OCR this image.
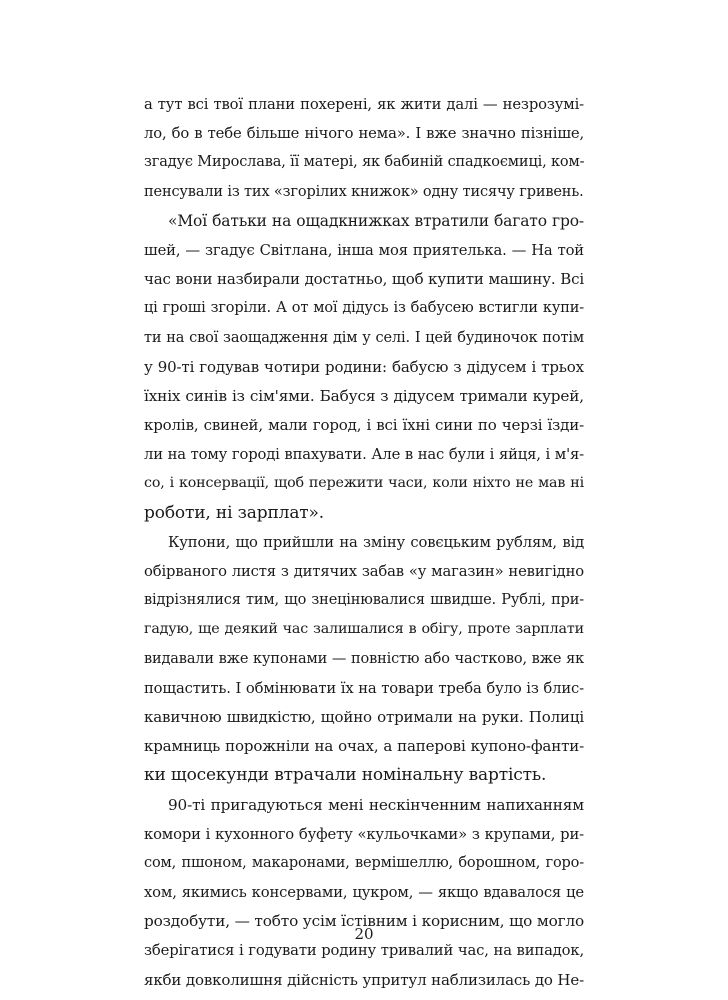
а тут всі твої плани похерені, як жити далі — незрозумі-
ло, бо в тебе більше нічого нема». І вже значно пізніше,
згадує Мирослава, її матері, як бабиній спадкоємиці, ком-
пенсували із тих «згорілих книжок» одну тисячу гривень.
«Мої батьки на ощадкнижках втратили багато гро-
шей, — згадує Світлана, інша моя приятелька. — На той
час вони назбирали достатньо, щоб купити машину. Всі
ці гроші згоріли. А от мої дідусь із бабусею встигли купи-
ти на свої заощадження дім у селі. І цей будиночок потім
у 90-ті годував чотири родини: бабусю з дідусем і трьох
їхніх синів із сім'ями. Бабуся з дідусем тримали курей,
кролів, свиней, мали город, і всі їхні сини по черзі їзди-
ли на тому городі впахувати. Але в нас були і яйця, і м'я-
со, і консервації, щоб пережити часи, коли ніхто не мав ні
роботи, ні зарплат».
Купони, що прийшли на зміну совєцьким рублям, від
обірваного листя з дитячих забав «у магазин» невигідно
відрізнялися тим, що знецінювалися швидше. Рублі, при-
гадую, ще деякий час залишалися в обігу, проте зарплати
видавали вже купонами — повністю або частково, вже як
пощастить. І обмінювати їх на товари треба було із блис-
кавичною швидкістю, щойно отримали на руки. Полиці
крамниць порожніли на очах, а паперові купоно-фанти-
ки щосекунди втрачали номінальну вартість.
90-ті пригадуються мені нескінченним напиханням
комори і кухонного буфету «кульочками» з крупами, ри-
сом, пшоном, макаронами, вермішеллю, борошном, горо-
хом, якимись консервами, цукром, — якщо вдавалося це
роздобути, — тобто усім їстівним і корисним, що могло
зберігатися і годувати родину тривалий час, на випадок,
якби довколишня дійсність упритул наблизилась до Не-
20
